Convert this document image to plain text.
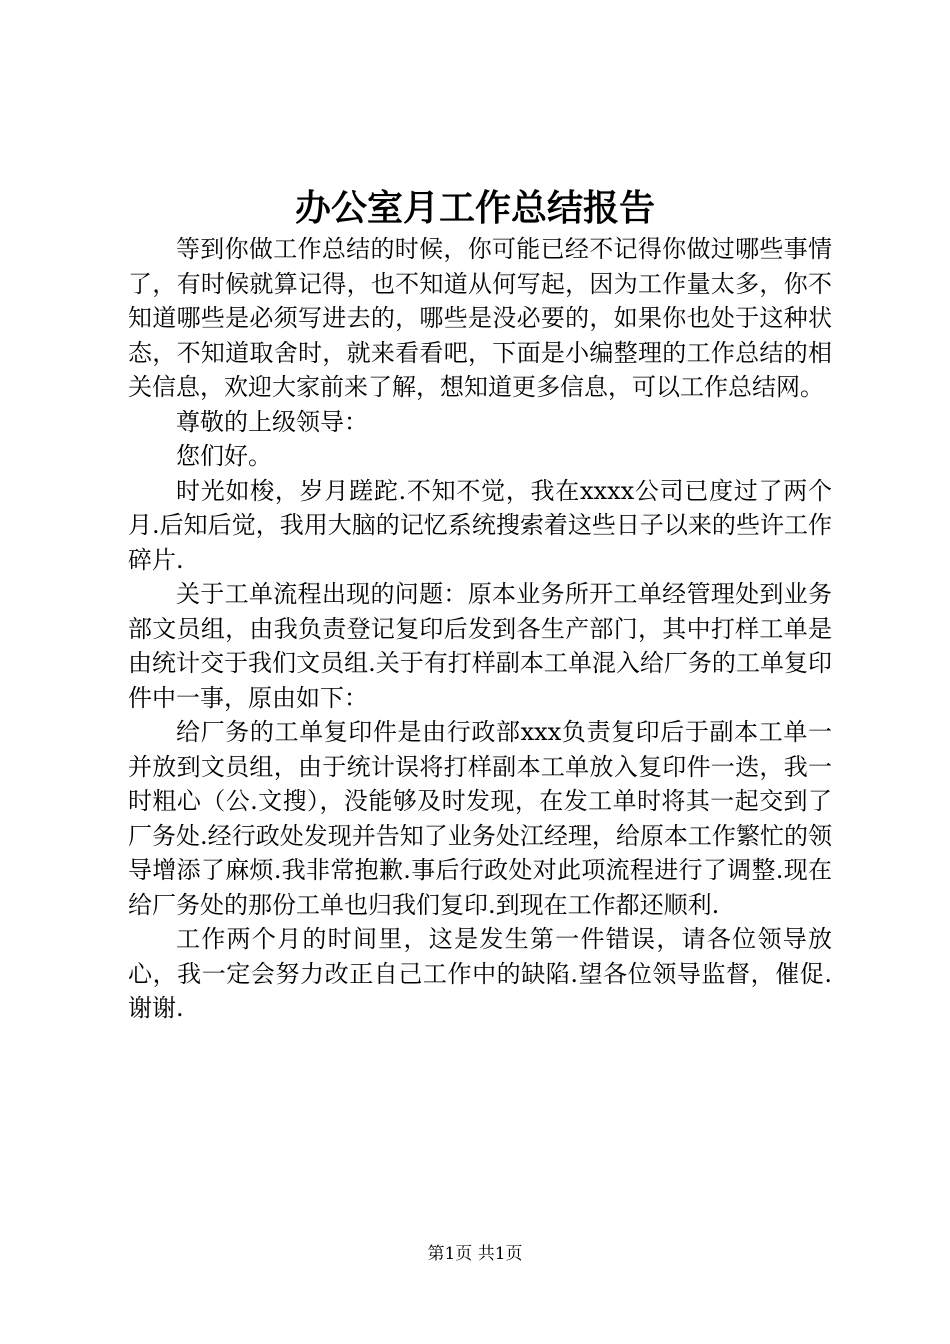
办公室月工作总结报告

等到你做工作总结的时候，你可能已经不记得你做过哪些事情了，有时候就算记得，也不知道从何写起，因为工作量太多，你不知道哪些是必须写进去的，哪些是没必要的，如果你也处于这种状态，不知道取舍时，就来看看吧，下面是小编整理的工作总结的相关信息，欢迎大家前来了解，想知道更多信息，可以工作总结网。

尊敬的上级领导：

您们好。

时光如梭，岁月蹉跎.不知不觉，我在xxxx公司已度过了两个月.后知后觉，我用大脑的记忆系统搜索着这些日子以来的些许工作碎片.

关于工单流程出现的问题：原本业务所开工单经管理处到业务部文员组，由我负责登记复印后发到各生产部门，其中打样工单是由统计交于我们文员组.关于有打样副本工单混入给厂务的工单复印件中一事，原由如下：

给厂务的工单复印件是由行政部xxx负责复印后于副本工单一并放到文员组，由于统计误将打样副本工单放入复印件一迭，我一时粗心（公.文搜），没能够及时发现，在发工单时将其一起交到了厂务处.经行政处发现并告知了业务处江经理，给原本工作繁忙的领导增添了麻烦.我非常抱歉.事后行政处对此项流程进行了调整.现在给厂务处的那份工单也归我们复印.到现在工作都还顺利.

工作两个月的时间里，这是发生第一件错误，请各位领导放心，我一定会努力改正自己工作中的缺陷.望各位领导监督，催促.谢谢.

第1页 共1页
